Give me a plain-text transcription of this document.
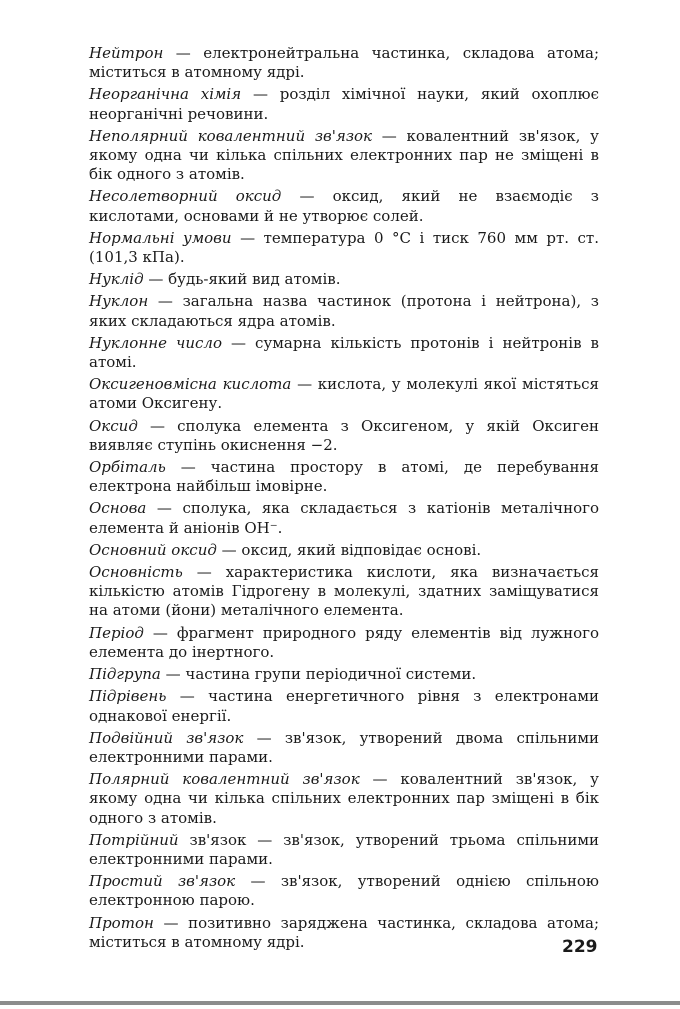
Нейтрон — електронейтральна частинка, складова атома; міститься в атомному ядрі.

Неорганічна хімія — розділ хімічної науки, який охоплює неорганічні речовини.

Неполярний ковалентний зв'язок — ковалентний зв'язок, у якому одна чи кілька спільних електронних пар не зміщені в бік одного з атомів.

Несолетворний оксид — оксид, який не взаємодіє з кислотами, основами й не утворює солей.

Нормальні умови — температура 0 °С і тиск 760 мм рт. ст. (101,3 кПа).

Нуклід — будь-який вид атомів.

Нуклон — загальна назва частинок (протона і нейтрона), з яких складаються ядра атомів.

Нуклонне число — сумарна кількість протонів і нейтронів в атомі.

Оксигеновмісна кислота — кислота, у молекулі якої містяться атоми Оксигену.

Оксид — сполука елемента з Оксигеном, у якій Оксиген виявляє ступінь окиснення −2.

Орбіталь — частина простору в атомі, де перебування електрона найбільш імовірне.

Основа — сполука, яка складається з катіонів металічного елемента й аніонів OH⁻.

Основний оксид — оксид, який відповідає основі.

Основність — характеристика кислоти, яка визначається кількістю атомів Гідрогену в молекулі, здатних заміщуватися на атоми (йони) металічного елемента.

Період — фрагмент природного ряду елементів від лужного елемента до інертного.

Підгрупа — частина групи періодичної системи.

Підрівень — частина енергетичного рівня з електронами однакової енергії.

Подвійний зв'язок — зв'язок, утворений двома спільними електронними парами.

Полярний ковалентний зв'язок — ковалентний зв'язок, у якому одна чи кілька спільних електронних пар зміщені в бік одного з атомів.

Потрійний зв'язок — зв'язок, утворений трьома спільними електронними парами.

Простий зв'язок — зв'язок, утворений однією спільною електронною парою.

Протон — позитивно заряджена частинка, складова атома; міститься в атомному ядрі.	229
